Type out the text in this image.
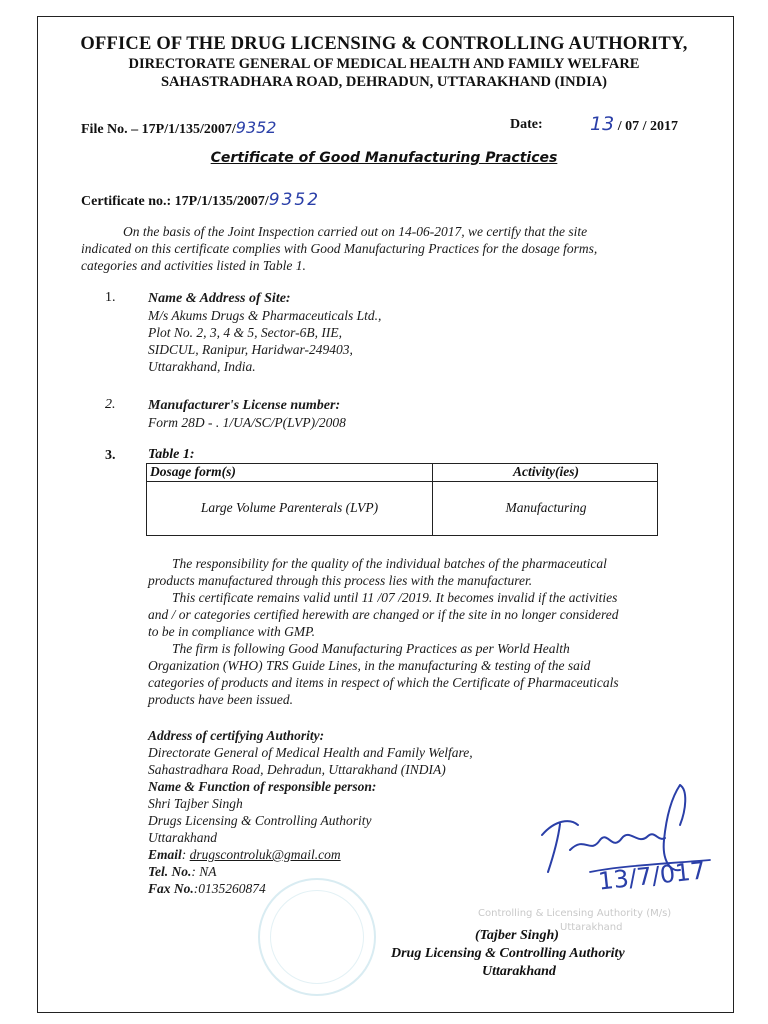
OFFICE OF THE DRUG LICENSING & CONTROLLING AUTHORITY,
DIRECTORATE GENERAL OF MEDICAL HEALTH AND FAMILY WELFARE
SAHASTRADHARA ROAD, DEHRADUN, UTTARAKHAND (INDIA)
File No. – 17P/1/135/2007/9352	Date: 13 / 07 / 2017
Certificate of Good Manufacturing Practices
Certificate no.: 17P/1/135/2007/9352
On the basis of the Joint Inspection carried out on 14-06-2017, we certify that the site
indicated on this certificate complies with Good Manufacturing Practices for the dosage forms,
categories and activities listed in Table 1.
1. Name & Address of Site:
M/s Akums Drugs & Pharmaceuticals Ltd.,
Plot No. 2, 3, 4 & 5, Sector-6B, IIE,
SIDCUL, Ranipur, Haridwar-249403,
Uttarakhand, India.
2. Manufacturer's License number:
Form 28D - . 1/UA/SC/P(LVP)/2008
3. Table 1:
Dosage form(s)	Activity(ies)
Large Volume Parenterals (LVP)	Manufacturing
The responsibility for the quality of the individual batches of the pharmaceutical
products manufactured through this process lies with the manufacturer.
This certificate remains valid until 11 /07 /2019. It becomes invalid if the activities
and / or categories certified herewith are changed or if the site in no longer considered
to be in compliance with GMP.
The firm is following Good Manufacturing Practices as per World Health
Organization (WHO) TRS Guide Lines, in the manufacturing & testing of the said
categories of products and items in respect of which the Certificate of Pharmaceuticals
products have been issued.
Address of certifying Authority:
Directorate General of Medical Health and Family Welfare,
Sahastradhara Road, Dehradun, Uttarakhand (INDIA)
Name & Function of responsible person:
Shri Tajber Singh
Drugs Licensing & Controlling Authority
Uttarakhand
Email: drugscontroluk@gmail.com
Tel. No.: NA
Fax No.:0135260874
Controlling & Licensing Authority (M/s)
Uttarakhand
13/7/017
(Tajber Singh)
Drug Licensing & Controlling Authority
Uttarakhand
